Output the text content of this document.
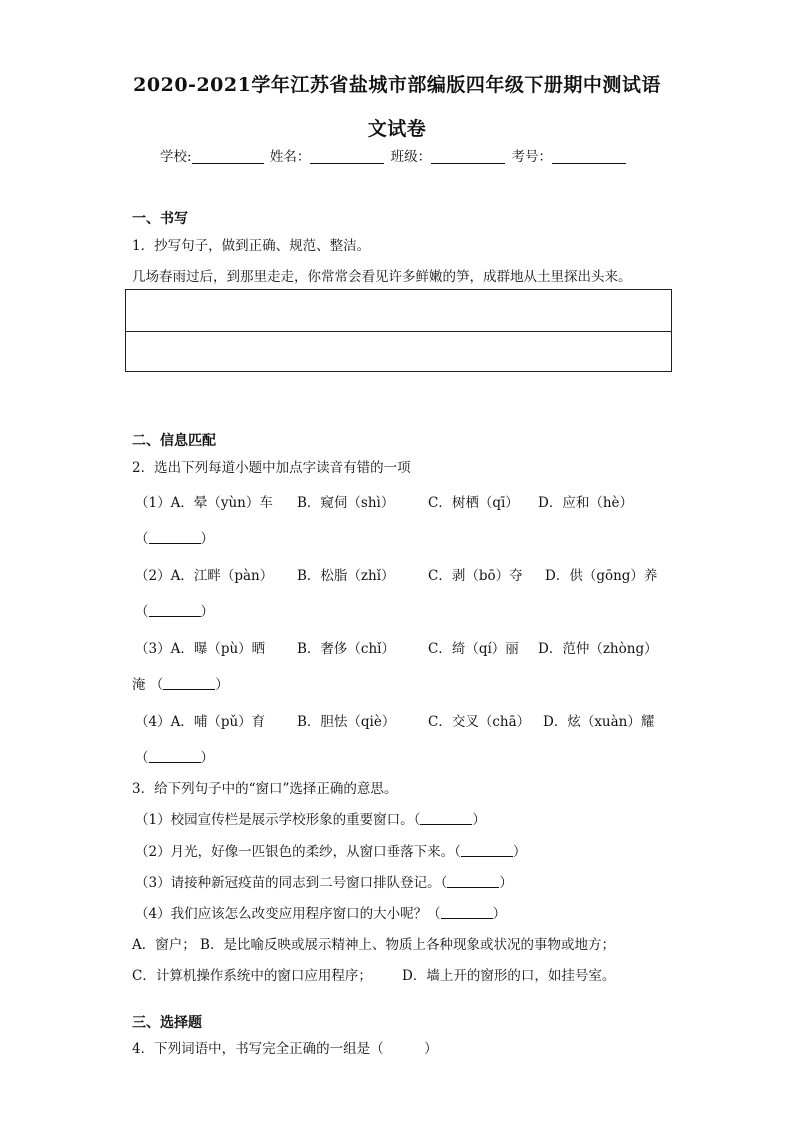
2020-2021学年江苏省盐城市部编版四年级下册期中测试语
文试卷
学校:	姓名：	班级：	考号：
一、书写
1．抄写句子，做到正确、规范、整洁。
几场春雨过后，到那里走走，你常常会看见许多鲜嫩的笋，成群地从土里探出头来。
二、信息匹配
2．选出下列每道小题中加点字读音有错的一项
（1）A．晕（yùn）车 B．窥伺（shì） C．树栖（qī） D．应和（hè）
（	）
（2）A．江畔（pàn） B．松脂（zhǐ） C．剥（bō）夺 D．供（gōng）养
（	）
（3）A．曝（pù）晒 B．奢侈（chǐ） C．绮（qí）丽 D．范仲（zhòng）
淹 （	）
（4）A．哺（pǔ）育 B．胆怯（qiè） C．交叉（chā） D．炫（xuàn）耀
（	）
3．给下列句子中的“窗口”选择正确的意思。
（1）校园宣传栏是展示学校形象的重要窗口。（	）
（2）月光，好像一匹银色的柔纱，从窗口垂落下来。（	）
（3）请接种新冠疫苗的同志到二号窗口排队登记。（	）
（4）我们应该怎么改变应用程序窗口的大小呢？（	）
A．窗户； B．是比喻反映或展示精神上、物质上各种现象或状况的事物或地方；
C．计算机操作系统中的窗口应用程序； D．墙上开的窗形的口，如挂号室。
三、选择题
4．下列词语中，书写完全正确的一组是（　　　）
